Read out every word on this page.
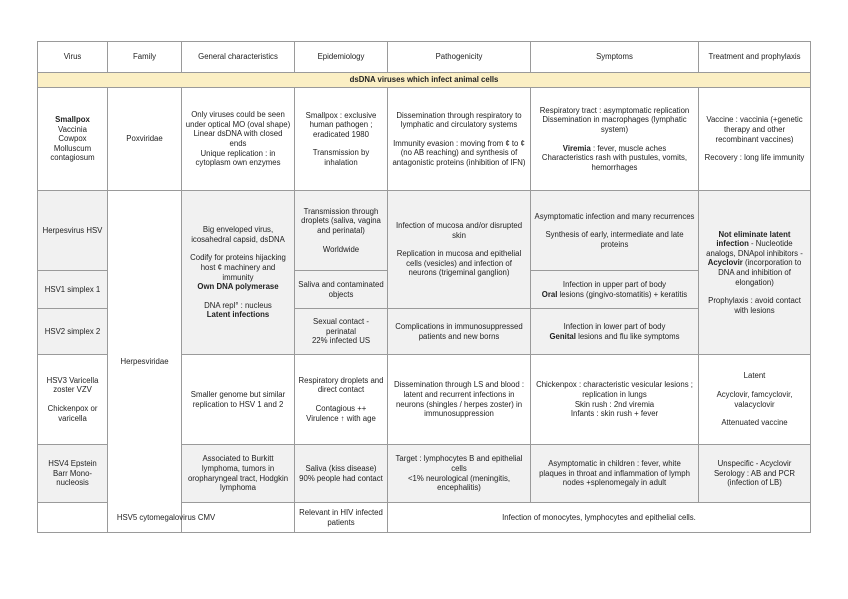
Virus	Family	General characteristics	Epidemiology	Pathogenicity	Symptoms	Treatment and prophylaxis
dsDNA viruses which infect animal cells						

Smallpox
Vaccinia
Cowpox
Molluscum contagiosum	Poxviridae	Only viruses could be seen under optical MO (oval shape)
Linear dsDNA with closed ends
Unique replication : in cytoplasm own enzymes	Smallpox : exclusive human pathogen ; eradicated 1980
Transmission by inhalation	Dissemination through respiratory to lymphatic and circulatory systems
Immunity evasion : moving from ¢ to ¢ (no AB reaching) and synthesis of antagonistic proteins (inhibition of IFN)	Respiratory tract : asymptomatic replication
Dissemination in macrophages (lymphatic system)
Viremia : fever, muscle aches
Characteristics rash with pustules, vomits, hemorrhages	Vaccine : vaccinia (+genetic therapy and other recombinant vaccines)
Recovery : long life immunity

Herpesvirus HSV	Herpesviridae	Big enveloped virus, icosahedral capsid, dsDNA
Codify for proteins hijacking host ¢ machinery and immunity
Own DNA polymerase
DNA repl° : nucleus
Latent infections	Transmission through droplets (saliva, vagina and perinatal)
Worldwide	Infection of mucosa and/or disrupted skin
Replication in mucosa and epithelial cells (vesicles) and infection of neurons (trigeminal ganglion)	Asymptomatic infection and many recurrences
Synthesis of early, intermediate and late proteins	Not eliminate latent infection - Nucleotide analogs, DNApol inhibitors - Acyclovir (incorporation to DNA and inhibition of elongation)
Prophylaxis : avoid contact with lesions

HSV1 simplex 1			Saliva and contaminated objects		Infection in upper part of body
Oral lesions (gingivo-stomatitis) + keratitis	

HSV2 simplex 2			Sexual contact - perinatal
22% infected US	Complications in immunosuppressed patients and new borns	Infection in lower part of body
Genital lesions and flu like symptoms	

HSV3 Varicella zoster VZV
Chickenpox or varicella		Smaller genome but similar replication to HSV 1 and 2	Respiratory droplets and direct contact
Contagious ++
Virulence ↑ with age	Dissemination through LS and blood : latent and recurrent infections in neurons (shingles / herpes zoster) in immunosuppression	Chickenpox : characteristic vesicular lesions ; replication in lungs
Skin rush : 2nd viremia
Infants : skin rush + fever	Latent
Acyclovir, famcyclovir, valacyclovir
Attenuated vaccine

HSV4 Epstein Barr Mono-nucleosis		Associated to Burkitt lymphoma, tumors in oropharyngeal tract, Hodgkin lymphoma	Saliva (kiss disease)
90% people had contact	Target : lymphocytes B and epithelial cells
<1% neurological (meningitis, encephalitis)	Asymptomatic in children : fever, white plaques in throat and inflammation of lymph nodes +splenomegaly in adult	Unspecific - Acyclovir
Serology : AB and PCR (infection of LB)

HSV5 cytomegalovirus CMV			Relevant in HIV infected patients	Infection of monocytes, lymphocytes and epithelial cells.		
